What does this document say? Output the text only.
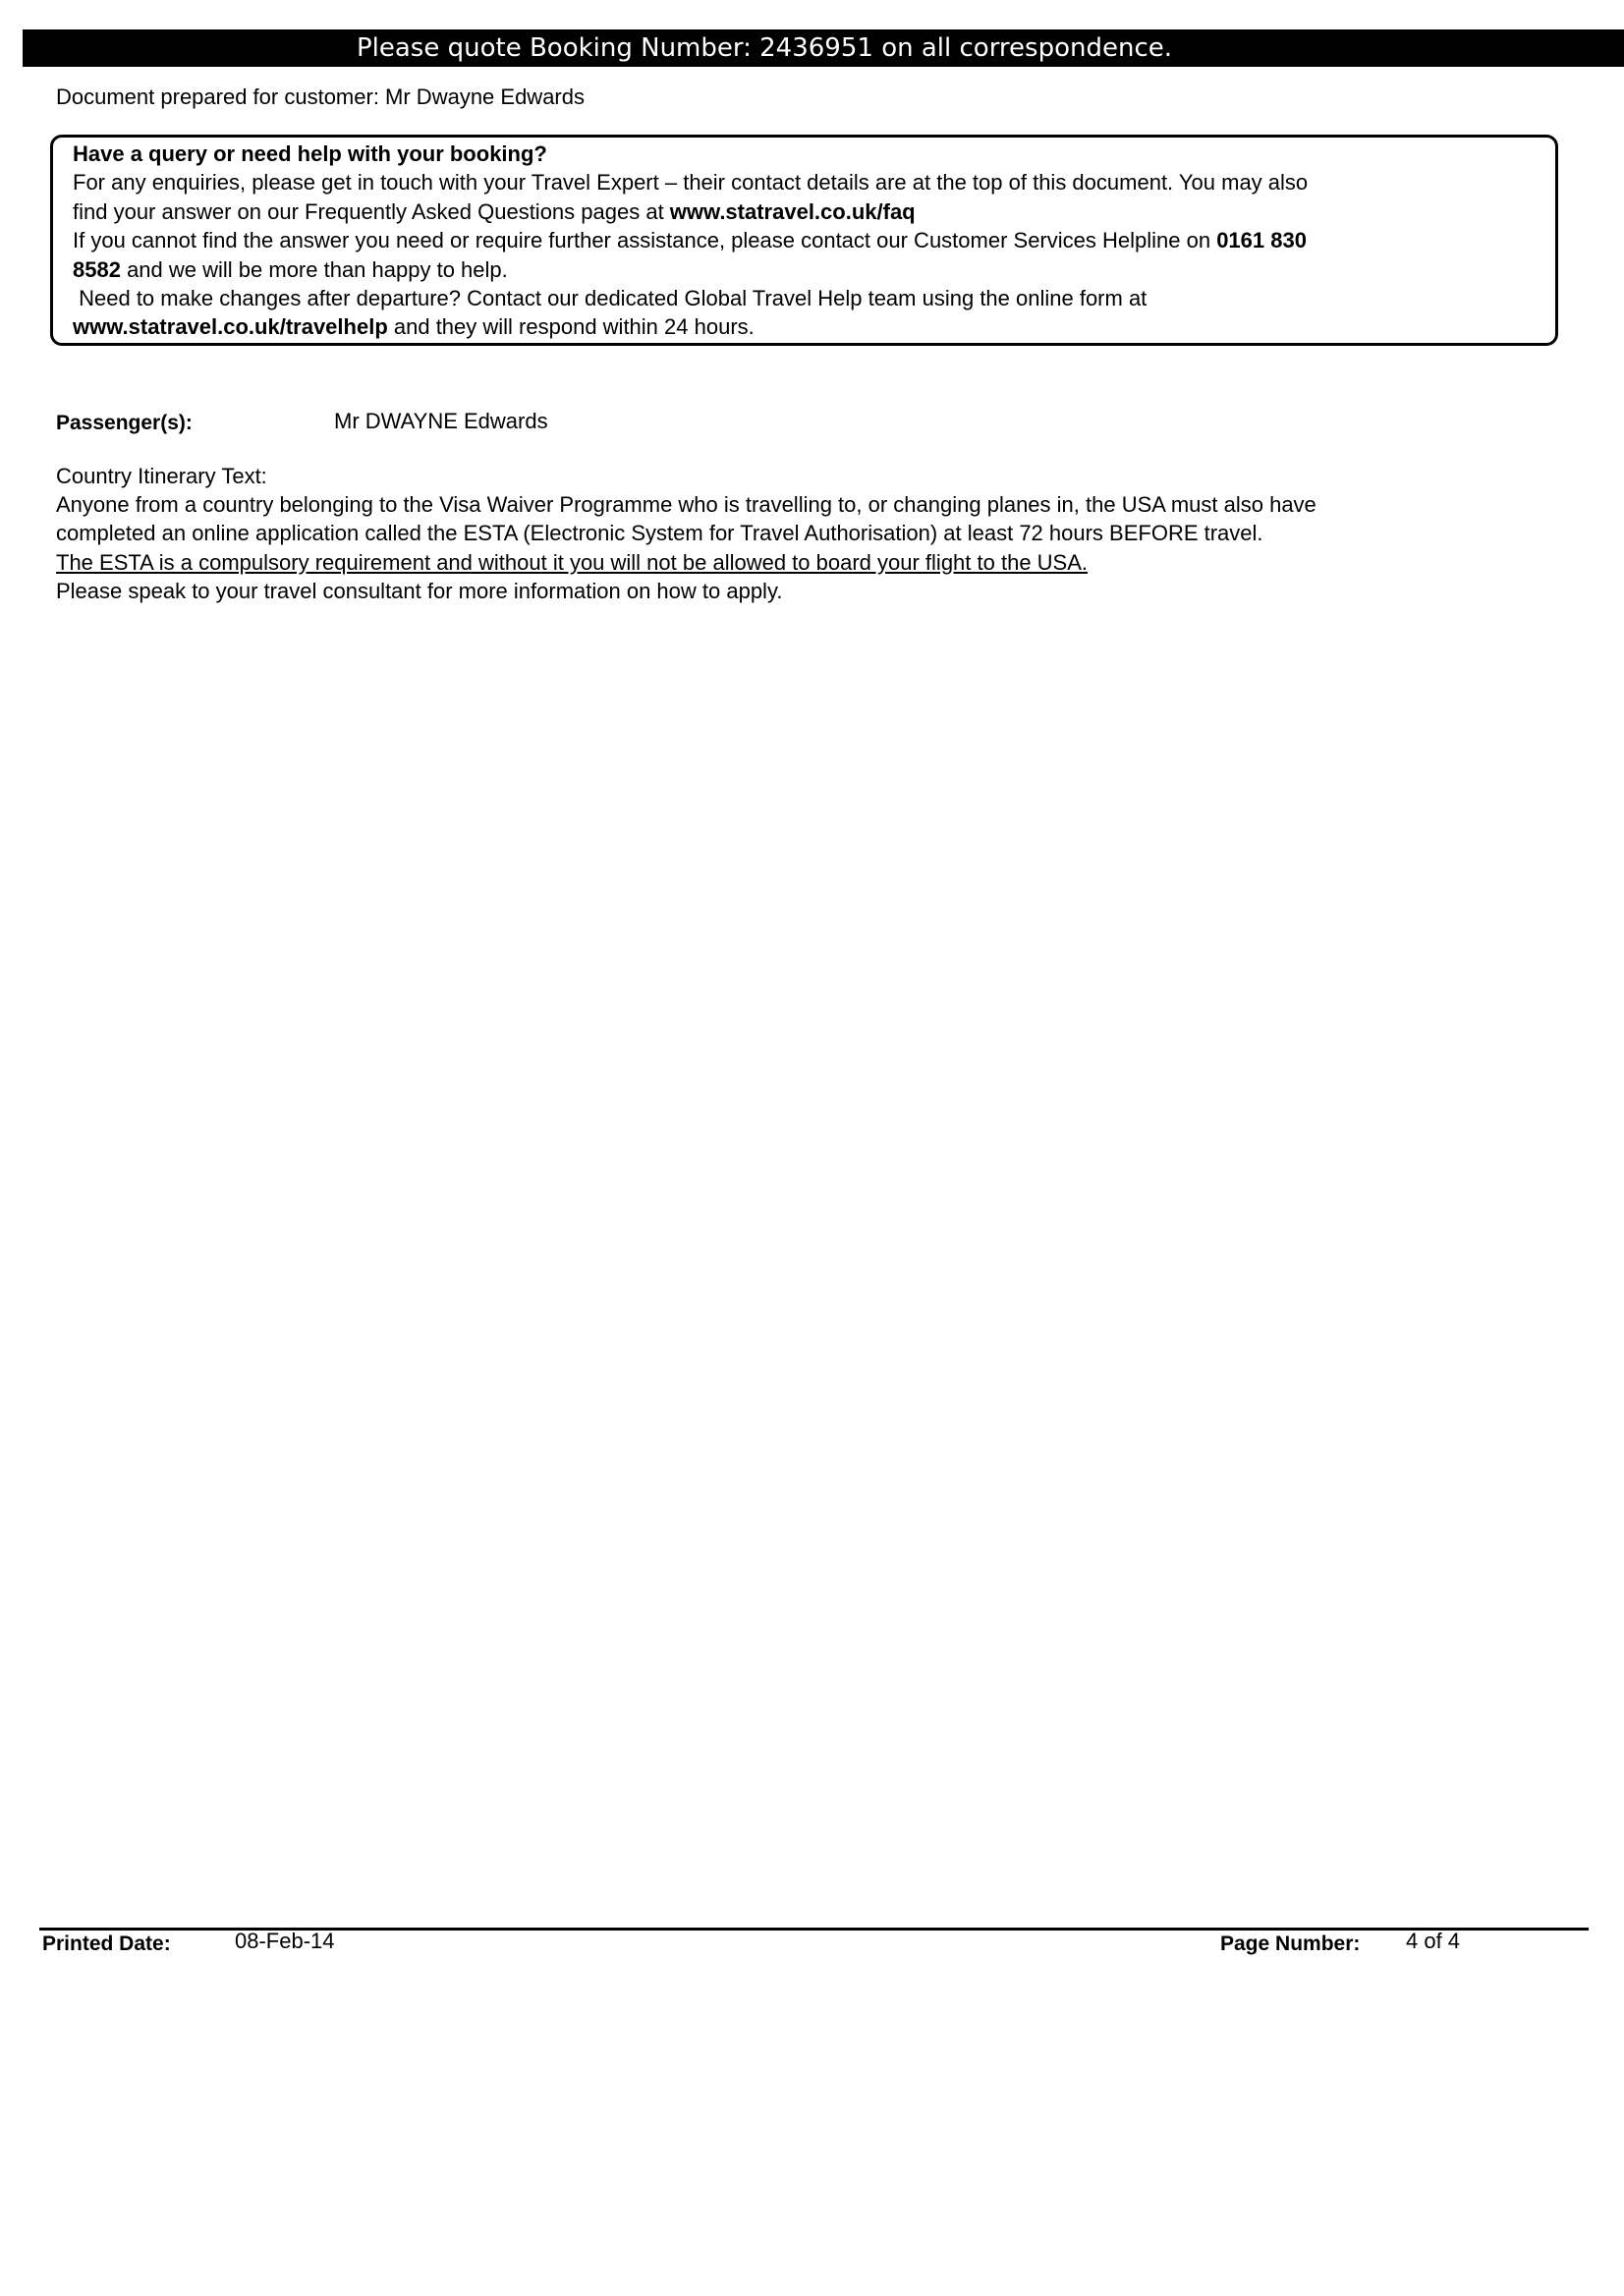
Please quote Booking Number: 2436951 on all correspondence.
Document prepared for customer: Mr Dwayne Edwards

Have a query or need help with your booking?

For any enquiries, please get in touch with your Travel Expert – their contact details are at the top of this document. You may also

find your answer on our Frequently Asked Questions pages at www.statravel.co.uk/faq

If you cannot find the answer you need or require further assistance, please contact our Customer Services Helpline on 0161 830

8582 and we will be more than happy to help.

Need to make changes after departure? Contact our dedicated Global Travel Help team using the online form at

www.statravel.co.uk/travelhelp and they will respond within 24 hours.

Passenger(s):	Mr DWAYNE Edwards

Country Itinerary Text:

Anyone from a country belonging to the Visa Waiver Programme who is travelling to, or changing planes in, the USA must also have

completed an online application called the ESTA (Electronic System for Travel Authorisation) at least 72 hours BEFORE travel.

The ESTA is a compulsory requirement and without it you will not be allowed to board your flight to the USA.

Please speak to your travel consultant for more information on how to apply.

Printed Date:	08-Feb-14	Page Number: 4 of 4
